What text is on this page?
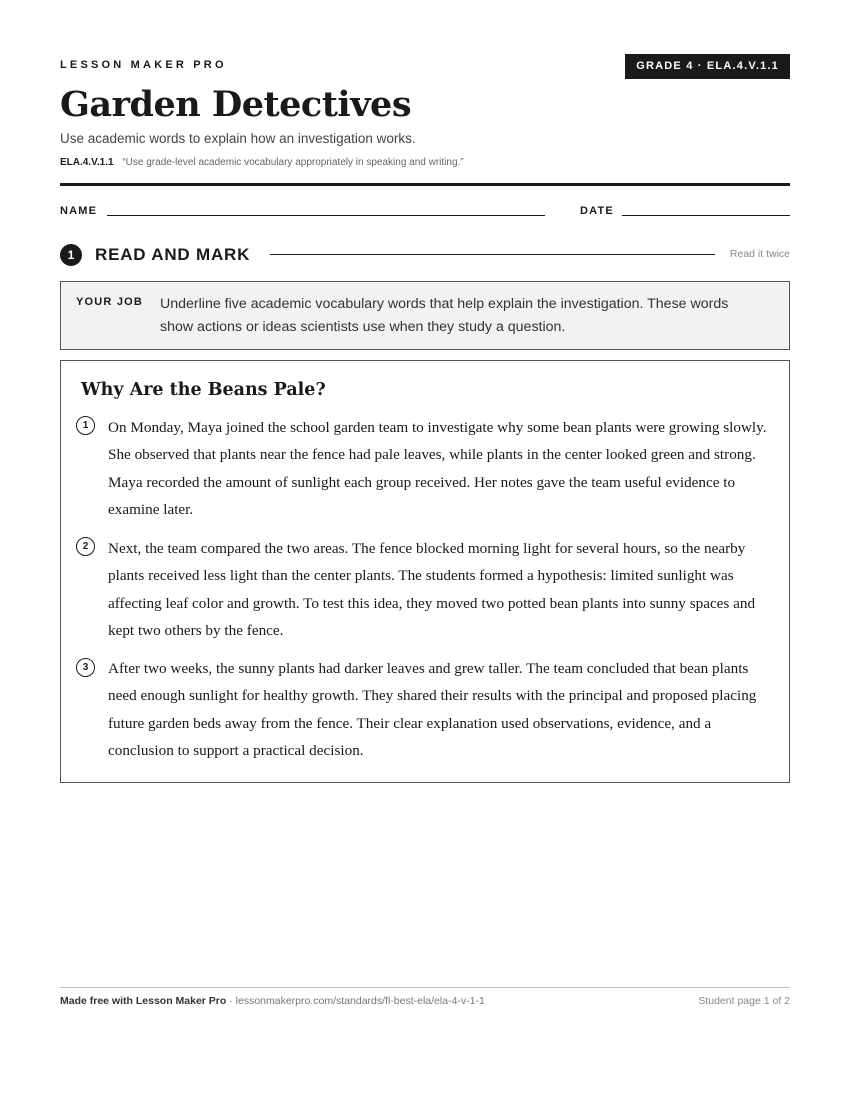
LESSON MAKER PRO	GRADE 4 · ELA.4.V.1.1
Garden Detectives
Use academic words to explain how an investigation works.
ELA.4.V.1.1 “Use grade-level academic vocabulary appropriately in speaking and writing.”
NAME	DATE
1	READ AND MARK	Read it twice
YOUR JOB Underline five academic vocabulary words that help explain the investigation. These words show actions or ideas scientists use when they study a question.
Why Are the Beans Pale?
1	On Monday, Maya joined the school garden team to investigate why some bean plants were growing slowly. She observed that plants near the fence had pale leaves, while plants in the center looked green and strong. Maya recorded the amount of sunlight each group received. Her notes gave the team useful evidence to examine later.

2	Next, the team compared the two areas. The fence blocked morning light for several hours, so the nearby plants received less light than the center plants. The students formed a hypothesis: limited sunlight was affecting leaf color and growth. To test this idea, they moved two potted bean plants into sunny spaces and kept two others by the fence.

3	After two weeks, the sunny plants had darker leaves and grew taller. The team concluded that bean plants need enough sunlight for healthy growth. They shared their results with the principal and proposed placing future garden beds away from the fence. Their clear explanation used observations, evidence, and a conclusion to support a practical decision.

Made free with Lesson Maker Pro · lessonmakerpro.com/standards/fl-best-ela/ela-4-v-1-1	Student page 1 of 2
